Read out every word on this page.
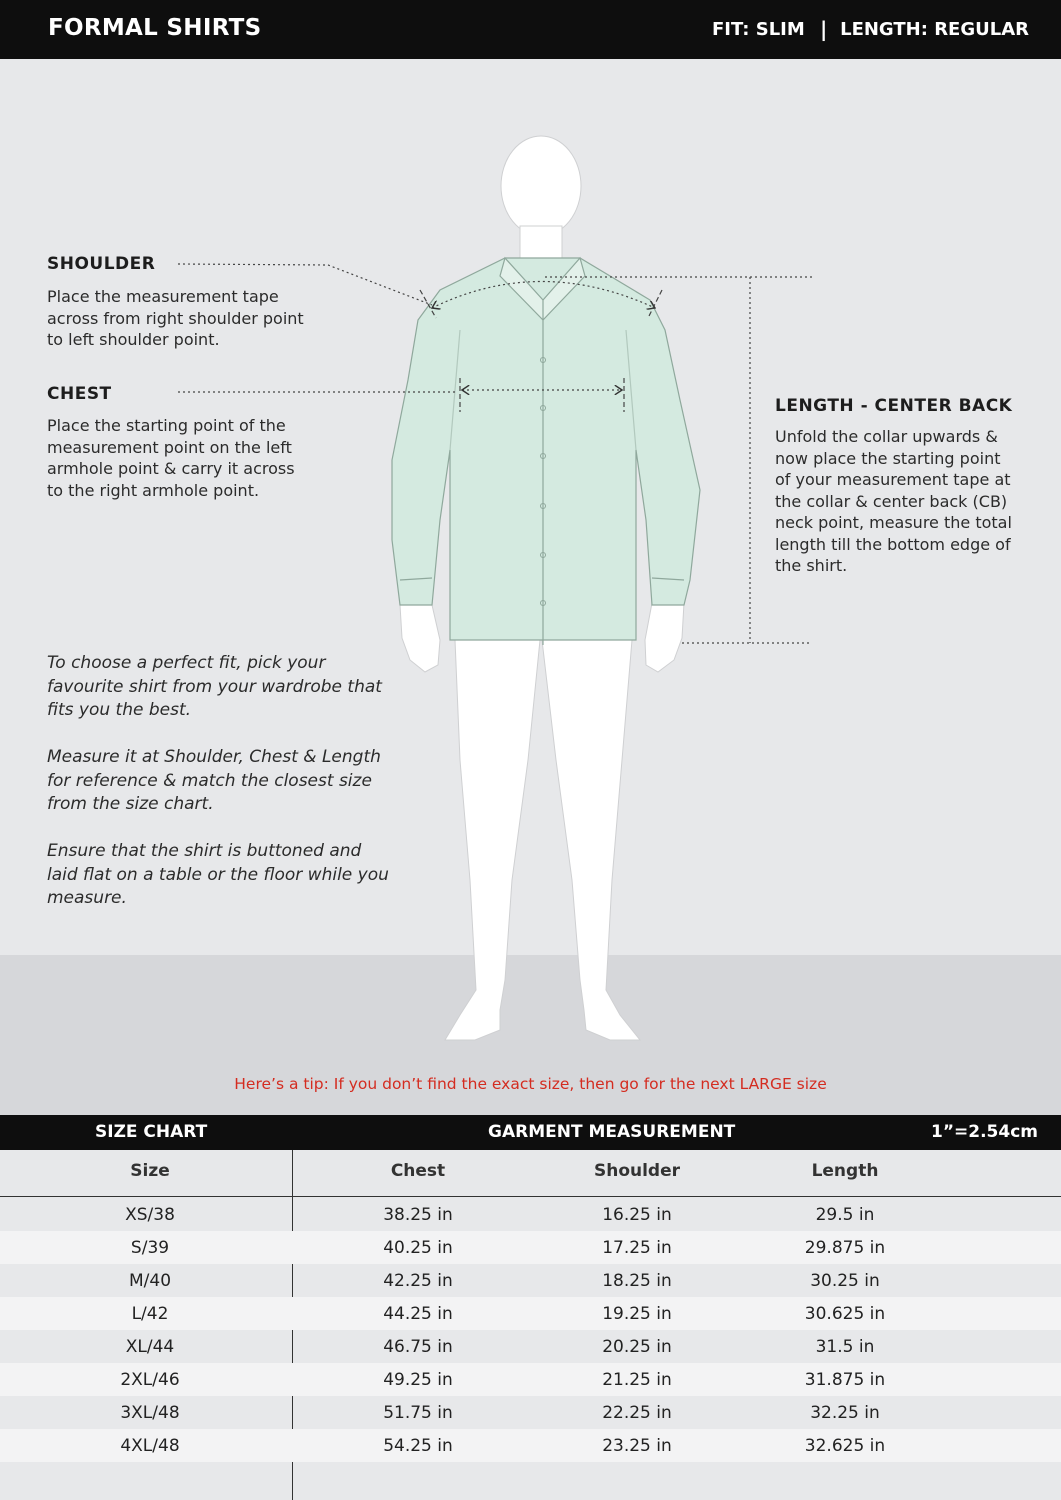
FORMAL SHIRTS	FIT: SLIM | LENGTH: REGULAR
SHOULDER
Place the measurement tape
across from right shoulder point
to left shoulder point.
CHEST
Place the starting point of the
measurement point on the left
armhole point & carry it across
to the right armhole point.
LENGTH - CENTER BACK
Unfold the collar upwards &
now place the starting point
of your measurement tape at
the collar & center back (CB)
neck point, measure the total
length till the bottom edge of
the shirt.
To choose a perfect fit, pick your
favourite shirt from your wardrobe that
fits you the best.
Measure it at Shoulder, Chest & Length
for reference & match the closest size
from the size chart.
Ensure that the shirt is buttoned and
laid flat on a table or the floor while you
measure.
Here’s a tip: If you don’t find the exact size, then go for the next LARGE size
SIZE CHART	GARMENT MEASUREMENT	1”=2.54cm
Size	Chest	Shoulder	Length
XS/38	38.25 in	16.25 in	29.5 in
S/39	40.25 in	17.25 in	29.875 in
M/40	42.25 in	18.25 in	30.25 in
L/42	44.25 in	19.25 in	30.625 in
XL/44	46.75 in	20.25 in	31.5 in
2XL/46	49.25 in	21.25 in	31.875 in
3XL/48	51.75 in	22.25 in	32.25 in
4XL/48	54.25 in	23.25 in	32.625 in
